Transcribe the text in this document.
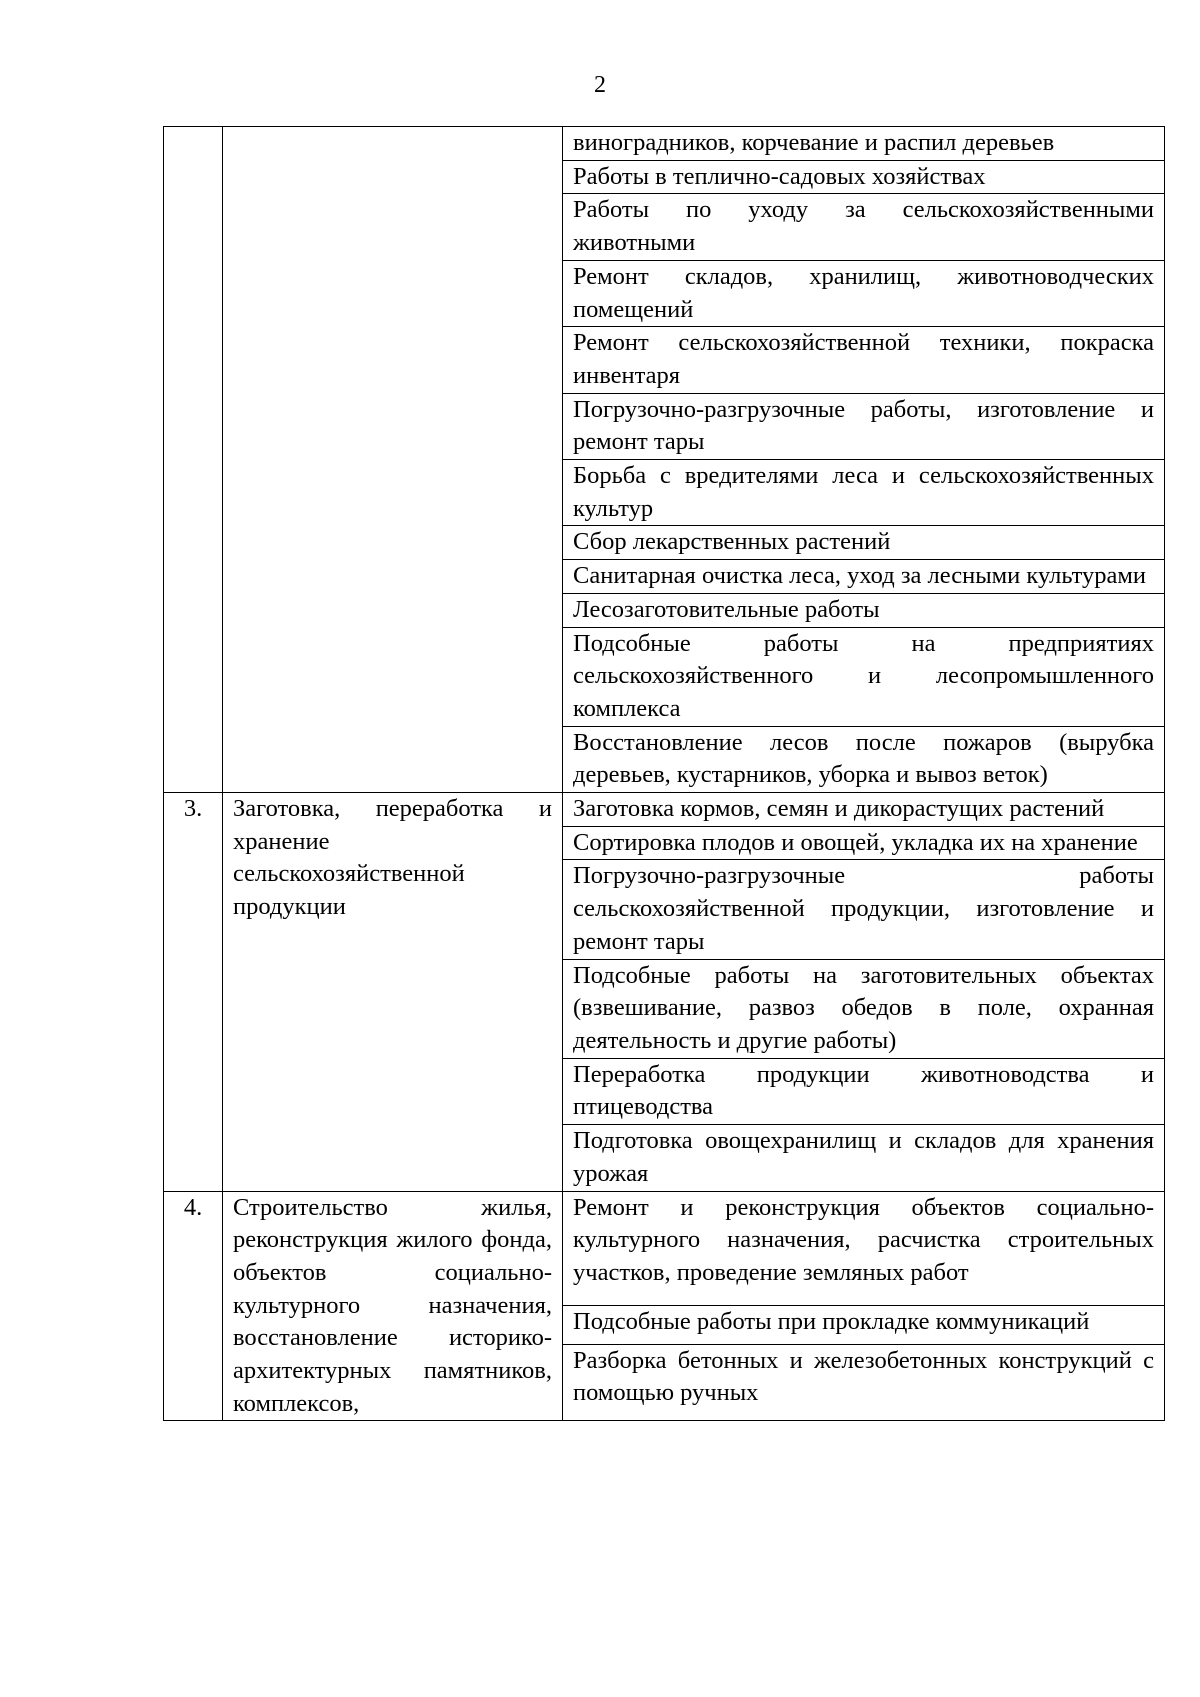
2
		виноградников, корчевание и распил деревьев
		Работы в теплично-садовых хозяйствах
		Работы по уходу за сельскохозяйственными животными
		Ремонт складов, хранилищ, животноводческих помещений
		Ремонт сельскохозяйственной техники, покраска инвентаря
		Погрузочно-разгрузочные работы, изготовление и ремонт тары
		Борьба с вредителями леса и сельскохозяйственных культур
		Сбор лекарственных растений
		Санитарная очистка леса, уход за лесными культурами
		Лесозаготовительные работы
		Подсобные работы на предприятиях сельскохозяйственного и лесопромышленного комплекса
		Восстановление лесов после пожаров (вырубка деревьев, кустарников, уборка и вывоз веток)
3.	Заготовка, переработка и хранение сельскохозяйственной продукции	Заготовка кормов, семян и дикорастущих растений
		Сортировка плодов и овощей, укладка их на хранение
		Погрузочно-разгрузочные работы сельскохозяйственной продукции, изготовление и ремонт тары
		Подсобные работы на заготовительных объектах (взвешивание, развоз обедов в поле, охранная деятельность и другие работы)
		Переработка продукции животноводства и птицеводства
		Подготовка овощехранилищ и складов для хранения урожая
4.	Строительство жилья, реконструкция жилого фонда, объектов социально-культурного назначения, восстановление историко-архитектурных памятников, комплексов,	Ремонт и реконструкция объектов социально-культурного назначения, расчистка строительных участков, проведение земляных работ
		Подсобные работы при прокладке коммуникаций
		Разборка бетонных и железобетонных конструкций с помощью ручных
